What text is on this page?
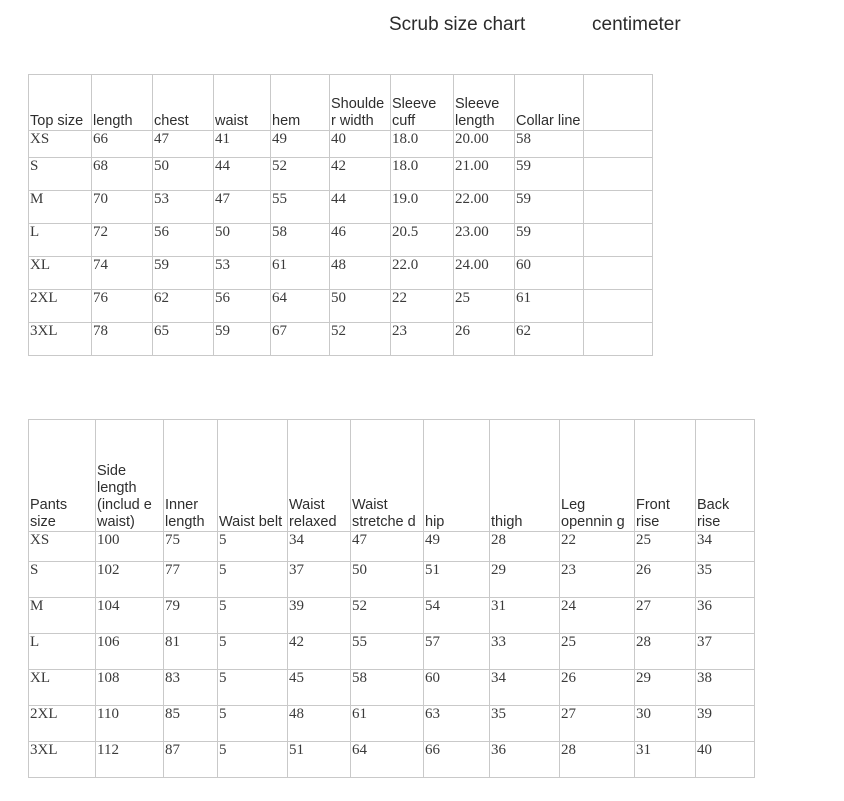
Scrub size chart	centimeter
Top size	length	chest	waist	hem	Shoulde r width	Sleeve cuff	Sleeve length	Collar line	
XS	66	47	41	49	40	18.0	20.00	58	
S	68	50	44	52	42	18.0	21.00	59	
M	70	53	47	55	44	19.0	22.00	59	
L	72	56	50	58	46	20.5	23.00	59	
XL	74	59	53	61	48	22.0	24.00	60	
2XL	76	62	56	64	50	22	25	61	
3XL	78	65	59	67	52	23	26	62	
Pants size	Side length (includ e waist)	Inner length	Waist belt	Waist relaxed	Waist stretche d	hip	thigh	Leg opennin g	Front rise	Back rise
XS	100	75	5	34	47	49	28	22	25	34
S	102	77	5	37	50	51	29	23	26	35
M	104	79	5	39	52	54	31	24	27	36
L	106	81	5	42	55	57	33	25	28	37
XL	108	83	5	45	58	60	34	26	29	38
2XL	110	85	5	48	61	63	35	27	30	39
3XL	112	87	5	51	64	66	36	28	31	40
